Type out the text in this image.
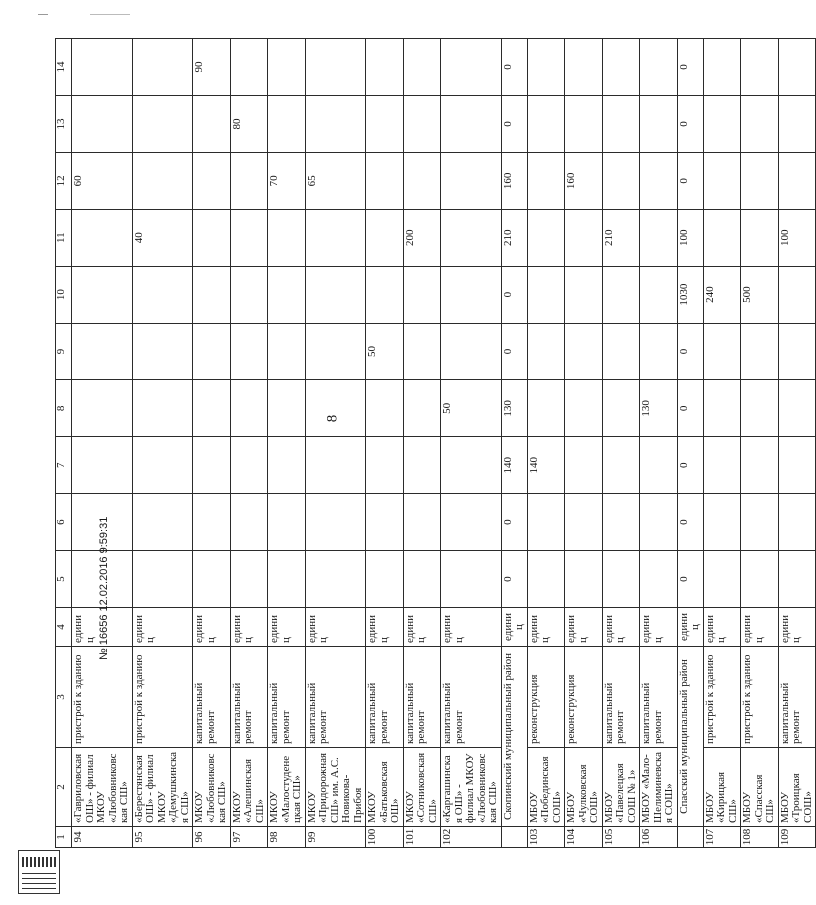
8
1	2	3	4	5	6	7	8	9	10	11	12	13	14
94	«Гавриловская ОШ» - филиал МКОУ «Любовниковская СШ»	пристрой к зданию	единиц								60		
95	«Берестянская ОШ» - филиал МКОУ «Демушкинская СШ»	пристрой к зданию	единиц							40			
96	МКОУ «Любовниковская СШ»	капитальный ремонт	единиц										90
97	МКОУ «Алешинская СШ»	капитальный ремонт	единиц									80	
98	МКОУ «Малостуденецкая СШ»	капитальный ремонт	единиц								70		
99	МКОУ «Придорожная СШ» им. А.С. Новикова-Прибоя	капитальный ремонт	единиц								65		
100	МКОУ «Батьковская ОШ»	капитальный ремонт	единиц					50					
101	МКОУ «Сотниковская СШ»	капитальный ремонт	единиц							200			
102	«Каргашинская ОШ» - филиал МКОУ «Любовниковская СШ»	капитальный ремонт	единиц				50						
	Скопинский муниципальный район		единиц	0	0	140	130	0	0	210	160	0	0
103	МБОУ «Побединская СОШ»	реконструкция	единиц			140							
104	МБОУ «Чулковская СОШ»	реконструкция	единиц								160		
105	МБОУ «Павелецкая СОШ № 1»	капитальный ремонт	единиц							210			
106	МБОУ «Мало-Шелиминевская СОШ»	капитальный ремонт	единиц				130						
	Спасский муниципальный район		единиц	0	0	0	0	0	1030	100	0	0	0
107	МБОУ «Кирицкая СШ»	пристрой к зданию	единиц						240				
108	МБОУ «Спасская СШ»	пристрой к зданию	единиц						500				
109	МБОУ «Троицкая СОШ»	капитальный ремонт	единиц							100			
№ 16656 12.02.2016 9:59:31
